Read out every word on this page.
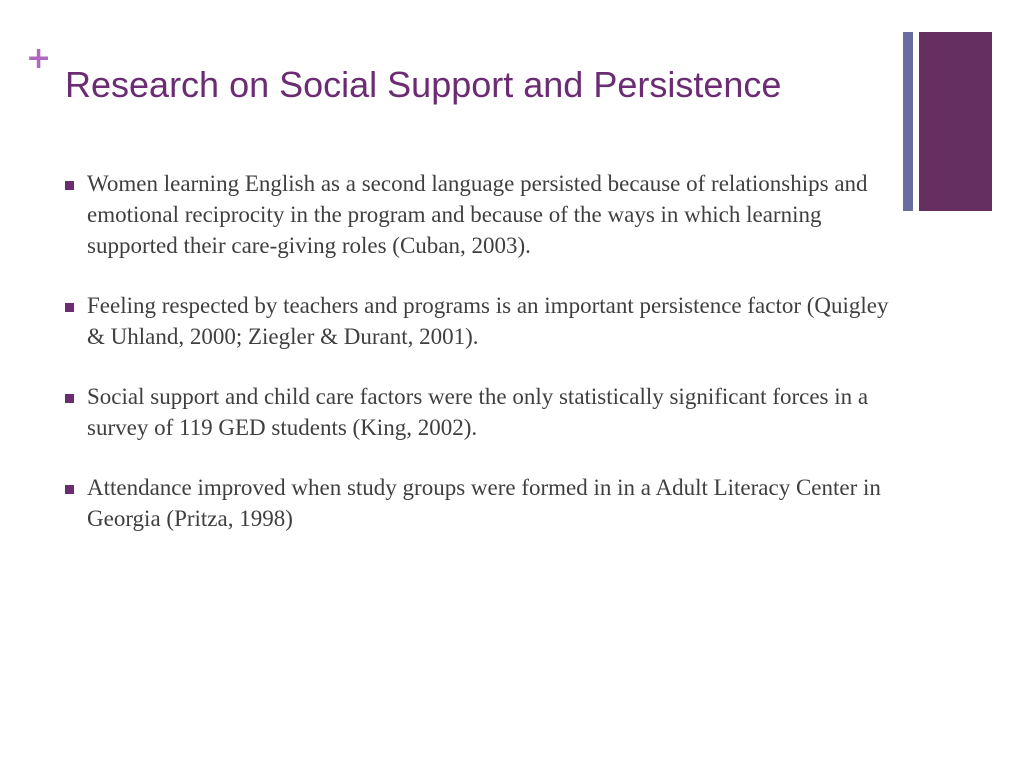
+
Research on Social Support and Persistence
Women learning English as a second language persisted because of relationships and emotional reciprocity in the program and because of the ways in which learning supported their care-giving roles (Cuban, 2003).
Feeling respected by teachers and programs is an important persistence factor (Quigley & Uhland, 2000; Ziegler & Durant, 2001).
Social support and child care factors were the only statistically significant forces in a survey of 119 GED students (King, 2002).
Attendance improved when study groups were formed in in a Adult Literacy Center in Georgia (Pritza, 1998)
